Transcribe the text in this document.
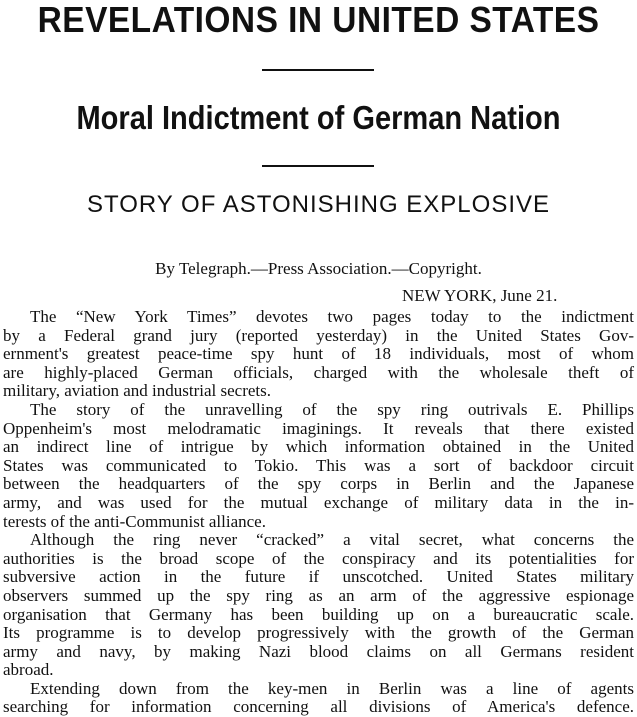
REVELATIONS IN UNITED STATES
Moral Indictment of German Nation
STORY OF ASTONISHING EXPLOSIVE
By Telegraph.—Press Association.—Copyright.
NEW YORK, June 21.
The “New York Times” devotes two pages today to the indictment
by a Federal grand jury (reported yesterday) in the United States Gov-
ernment's greatest peace-time spy hunt of 18 individuals, most of whom
are highly-placed German officials, charged with the wholesale theft of
military, aviation and industrial secrets.
The story of the unravelling of the spy ring outrivals E. Phillips
Oppenheim's most melodramatic imaginings. It reveals that there existed
an indirect line of intrigue by which information obtained in the United
States was communicated to Tokio. This was a sort of backdoor circuit
between the headquarters of the spy corps in Berlin and the Japanese
army, and was used for the mutual exchange of military data in the in-
terests of the anti-Communist alliance.
Although the ring never “cracked” a vital secret, what concerns the
authorities is the broad scope of the conspiracy and its potentialities for
subversive action in the future if unscotched. United States military
observers summed up the spy ring as an arm of the aggressive espionage
organisation that Germany has been building up on a bureaucratic scale.
Its programme is to develop progressively with the growth of the German
army and navy, by making Nazi blood claims on all Germans resident
abroad.
Extending down from the key-men in Berlin was a line of agents
searching for information concerning all divisions of America's defence.
